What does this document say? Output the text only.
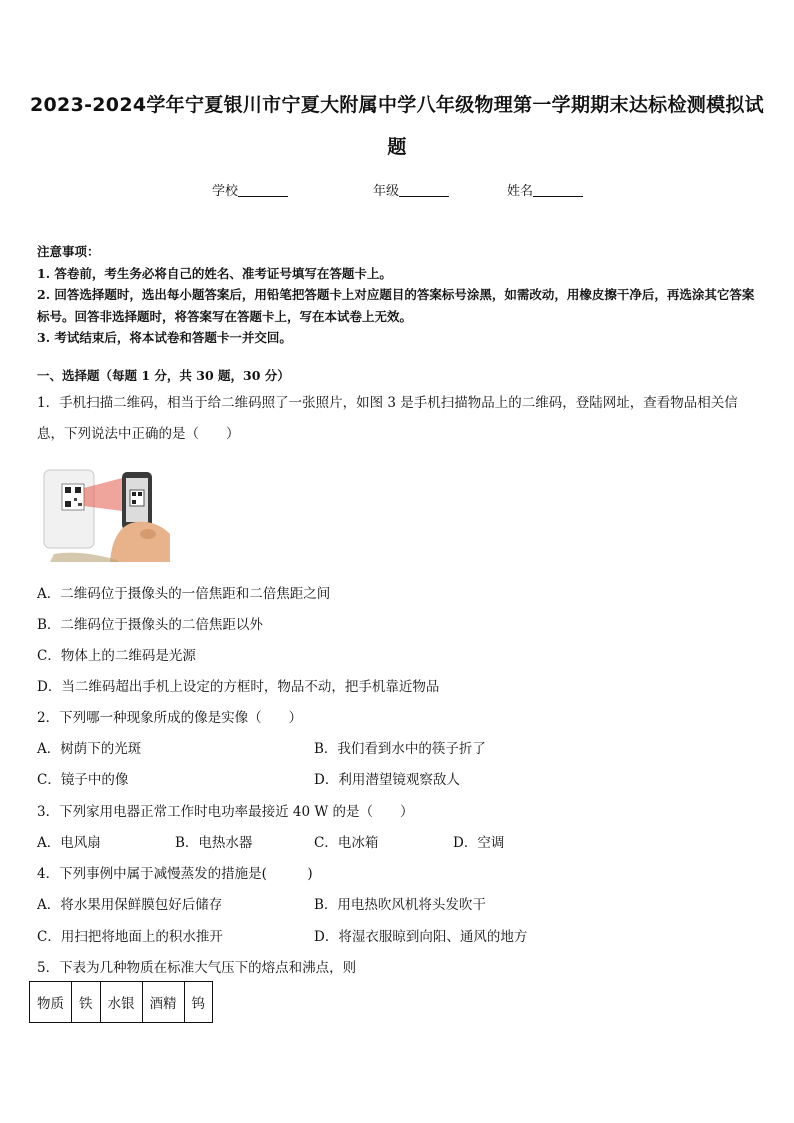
2023-2024学年宁夏银川市宁夏大附属中学八年级物理第一学期期末达标检测模拟试
题
学校	年级	姓名

注意事项：

1. 答卷前，考生务必将自己的姓名、准考证号填写在答题卡上。

2. 回答选择题时，选出每小题答案后，用铅笔把答题卡上对应题目的答案标号涂黑，如需改动，用橡皮擦干净后，再选涂其它答案标号。回答非选择题时，将答案写在答题卡上，写在本试卷上无效。

3. 考试结束后，将本试卷和答题卡一并交回。

一、选择题（每题 1 分，共 30 题，30 分）
1．手机扫描二维码，相当于给二维码照了一张照片，如图 3 是手机扫描物品上的二维码，登陆网址，查看物品相关信息，下列说法中正确的是（　　）
A．二维码位于摄像头的一倍焦距和二倍焦距之间
B．二维码位于摄像头的二倍焦距以外
C．物体上的二维码是光源
D．当二维码超出手机上设定的方框时，物品不动，把手机靠近物品
2．下列哪一种现象所成的像是实像（　　）
A．树荫下的光斑	B．我们看到水中的筷子折了
C．镜子中的像	D．利用潜望镜观察敌人
3．下列家用电器正常工作时电功率最接近 40 W 的是（　　）
A．电风扇	B．电热水器	C．电冰箱	D．空调
4．下列事例中属于减慢蒸发的措施是(　　　)
A．将水果用保鲜膜包好后储存	B．用电热吹风机将头发吹干
C．用扫把将地面上的积水推开	D．将湿衣服晾到向阳、通风的地方
5．下表为几种物质在标准大气压下的熔点和沸点，则
物质	铁	水银	酒精	钨
